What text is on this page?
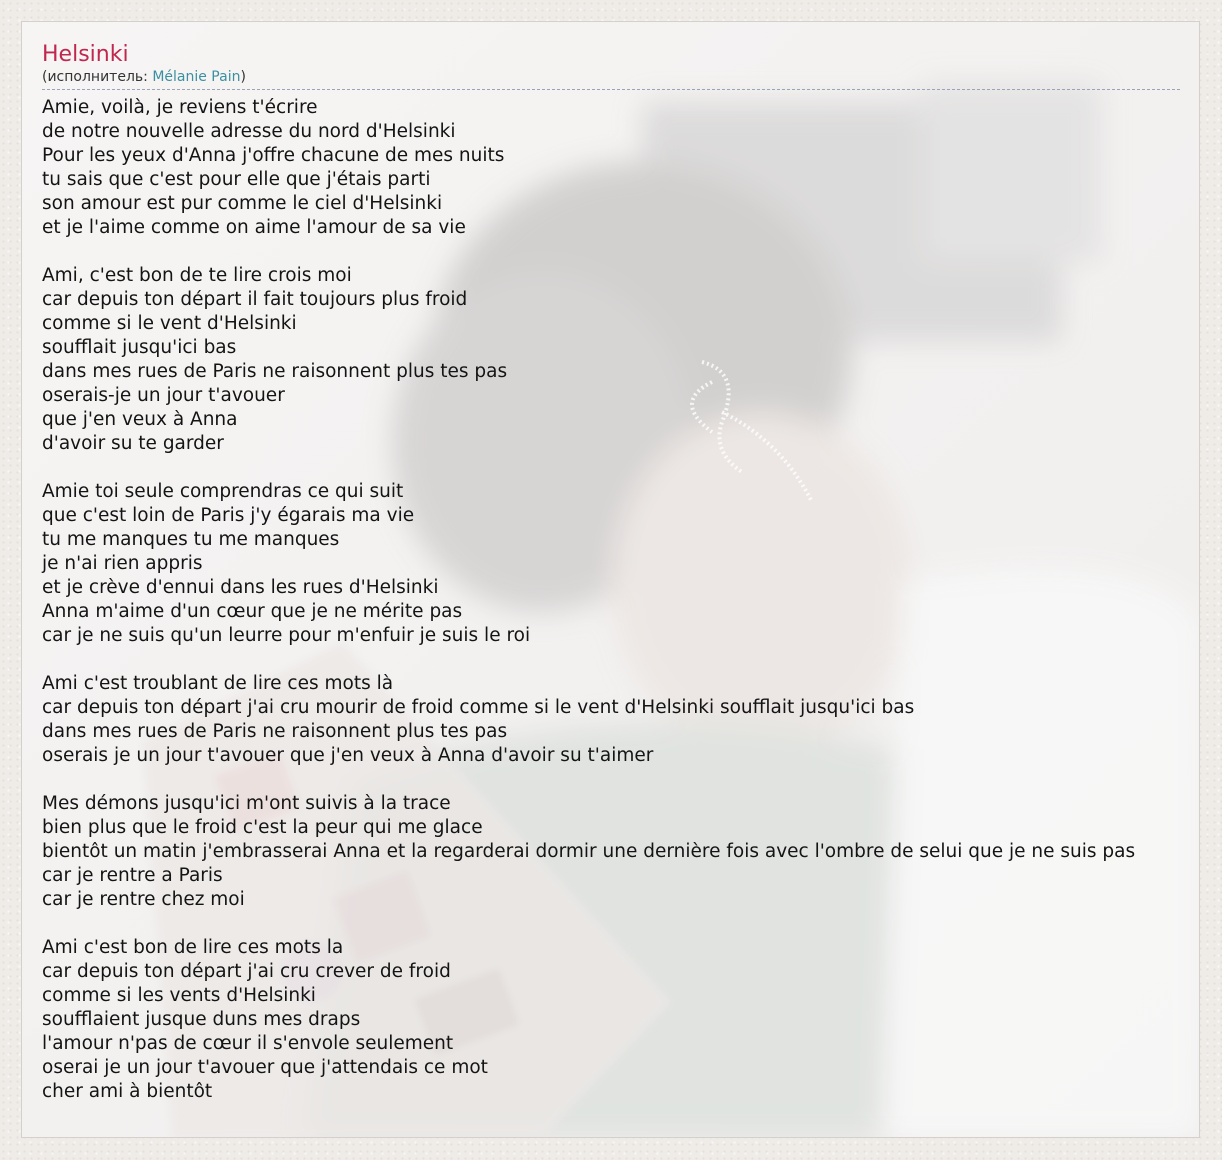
Helsinki
(исполнитель: Mélanie Pain)
Amie, voilà, je reviens t'écrire
de notre nouvelle adresse du nord d'Helsinki
Pour les yeux d'Anna j'offre chacune de mes nuits
tu sais que c'est pour elle que j'étais parti
son amour est pur comme le ciel d'Helsinki
et je l'aime comme on aime l'amour de sa vie
Ami, c'est bon de te lire crois moi
car depuis ton départ il fait toujours plus froid
comme si le vent d'Helsinki
soufflait jusqu'ici bas
dans mes rues de Paris ne raisonnent plus tes pas
oserais-je un jour t'avouer
que j'en veux à Anna
d'avoir su te garder
Amie toi seule comprendras ce qui suit
que c'est loin de Paris j'y égarais ma vie
tu me manques tu me manques
je n'ai rien appris
et je crève d'ennui dans les rues d'Helsinki
Anna m'aime d'un cœur que je ne mérite pas
car je ne suis qu'un leurre pour m'enfuir je suis le roi
Ami c'est troublant de lire ces mots là
car depuis ton départ j'ai cru mourir de froid comme si le vent d'Helsinki soufflait jusqu'ici bas
dans mes rues de Paris ne raisonnent plus tes pas
oserais je un jour t'avouer que j'en veux à Anna d'avoir su t'aimer
Mes démons jusqu'ici m'ont suivis à la trace
bien plus que le froid c'est la peur qui me glace
bientôt un matin j'embrasserai Anna et la regarderai dormir une dernière fois avec l'ombre de selui que je ne suis pas
car je rentre a Paris
car je rentre chez moi
Ami c'est bon de lire ces mots la
car depuis ton départ j'ai cru crever de froid
comme si les vents d'Helsinki
soufflaient jusque duns mes draps
l'amour n'pas de cœur il s'envole seulement
oserai je un jour t'avouer que j'attendais ce mot
cher ami à bientôt
